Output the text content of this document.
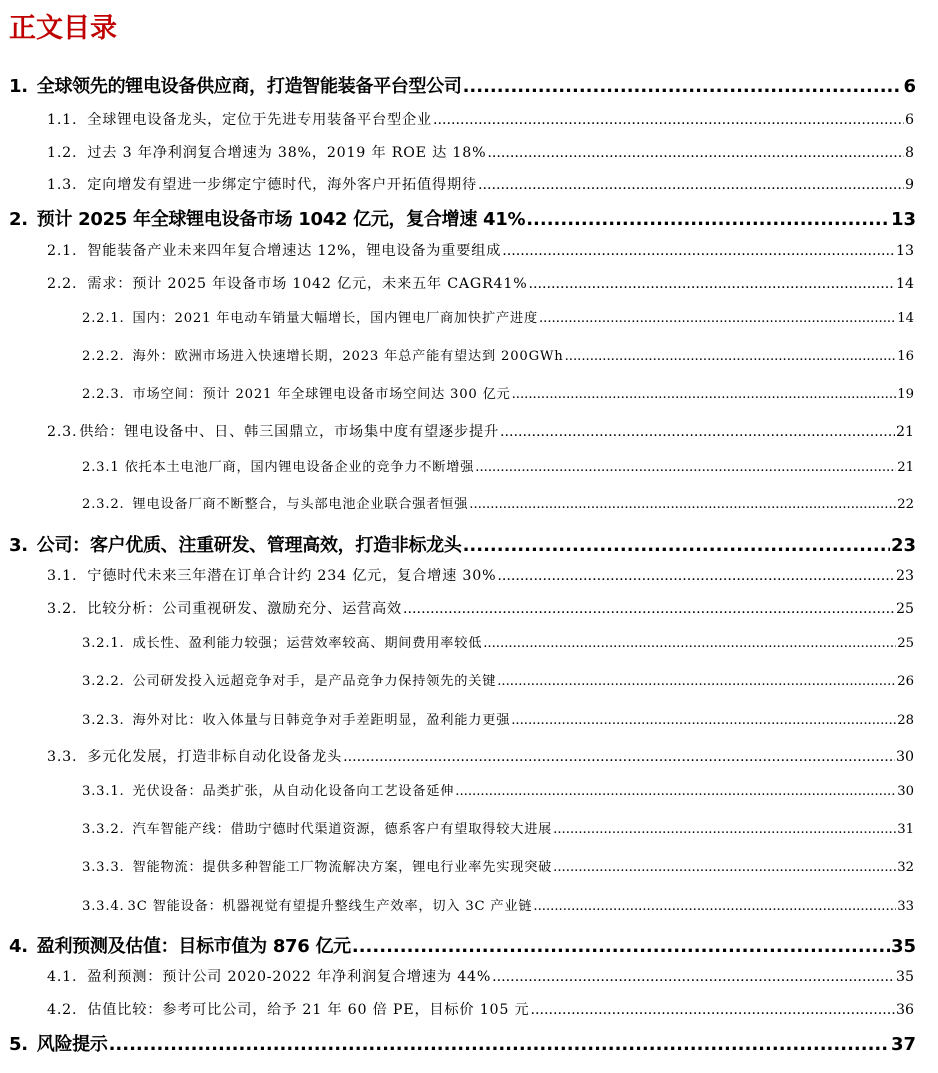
正文目录
1. 全球领先的锂电设备供应商，打造智能装备平台型公司 .....	6
1.1. 全球锂电设备龙头，定位于先进专用装备平台型企业 .....	6
1.2. 过去 3 年净利润复合增速为 38%，2019 年 ROE 达 18% .....	8
1.3. 定向增发有望进一步绑定宁德时代，海外客户开拓值得期待 .....	9
2. 预计 2025 年全球锂电设备市场 1042 亿元，复合增速 41% .....	13
2.1. 智能装备产业未来四年复合增速达 12%，锂电设备为重要组成 .....	13
2.2. 需求：预计 2025 年设备市场 1042 亿元，未来五年 CAGR41% .....	14
2.2.1. 国内：2021 年电动车销量大幅增长，国内锂电厂商加快扩产进度 .....	14
2.2.2. 海外：欧洲市场进入快速增长期，2023 年总产能有望达到 200GWh .....	16
2.2.3. 市场空间：预计 2021 年全球锂电设备市场空间达 300 亿元 .....	19
2.3. 供给：锂电设备中、日、韩三国鼎立，市场集中度有望逐步提升 .....	21
2.3.1 依托本土电池厂商，国内锂电设备企业的竞争力不断增强 .....	21
2.3.2. 锂电设备厂商不断整合，与头部电池企业联合强者恒强 .....	22
3. 公司：客户优质、注重研发、管理高效，打造非标龙头 .....	23
3.1. 宁德时代未来三年潜在订单合计约 234 亿元，复合增速 30% .....	23
3.2. 比较分析：公司重视研发、激励充分、运营高效 .....	25
3.2.1. 成长性、盈利能力较强；运营效率较高、期间费用率较低 .....	25
3.2.2. 公司研发投入远超竞争对手，是产品竞争力保持领先的关键 .....	26
3.2.3. 海外对比：收入体量与日韩竞争对手差距明显，盈利能力更强 .....	28
3.3. 多元化发展，打造非标自动化设备龙头 .....	30
3.3.1. 光伏设备：品类扩张，从自动化设备向工艺设备延伸 .....	30
3.3.2. 汽车智能产线：借助宁德时代渠道资源，德系客户有望取得较大进展 .....	31
3.3.3. 智能物流：提供多种智能工厂物流解决方案，锂电行业率先实现突破 .....	32
3.3.4. 3C 智能设备：机器视觉有望提升整线生产效率，切入 3C 产业链 .....	33
4. 盈利预测及估值：目标市值为 876 亿元 .....	35
4.1. 盈利预测：预计公司 2020-2022 年净利润复合增速为 44% .....	35
4.2. 估值比较：参考可比公司，给予 21 年 60 倍 PE，目标价 105 元 .....	36
5. 风险提示 .....	37
